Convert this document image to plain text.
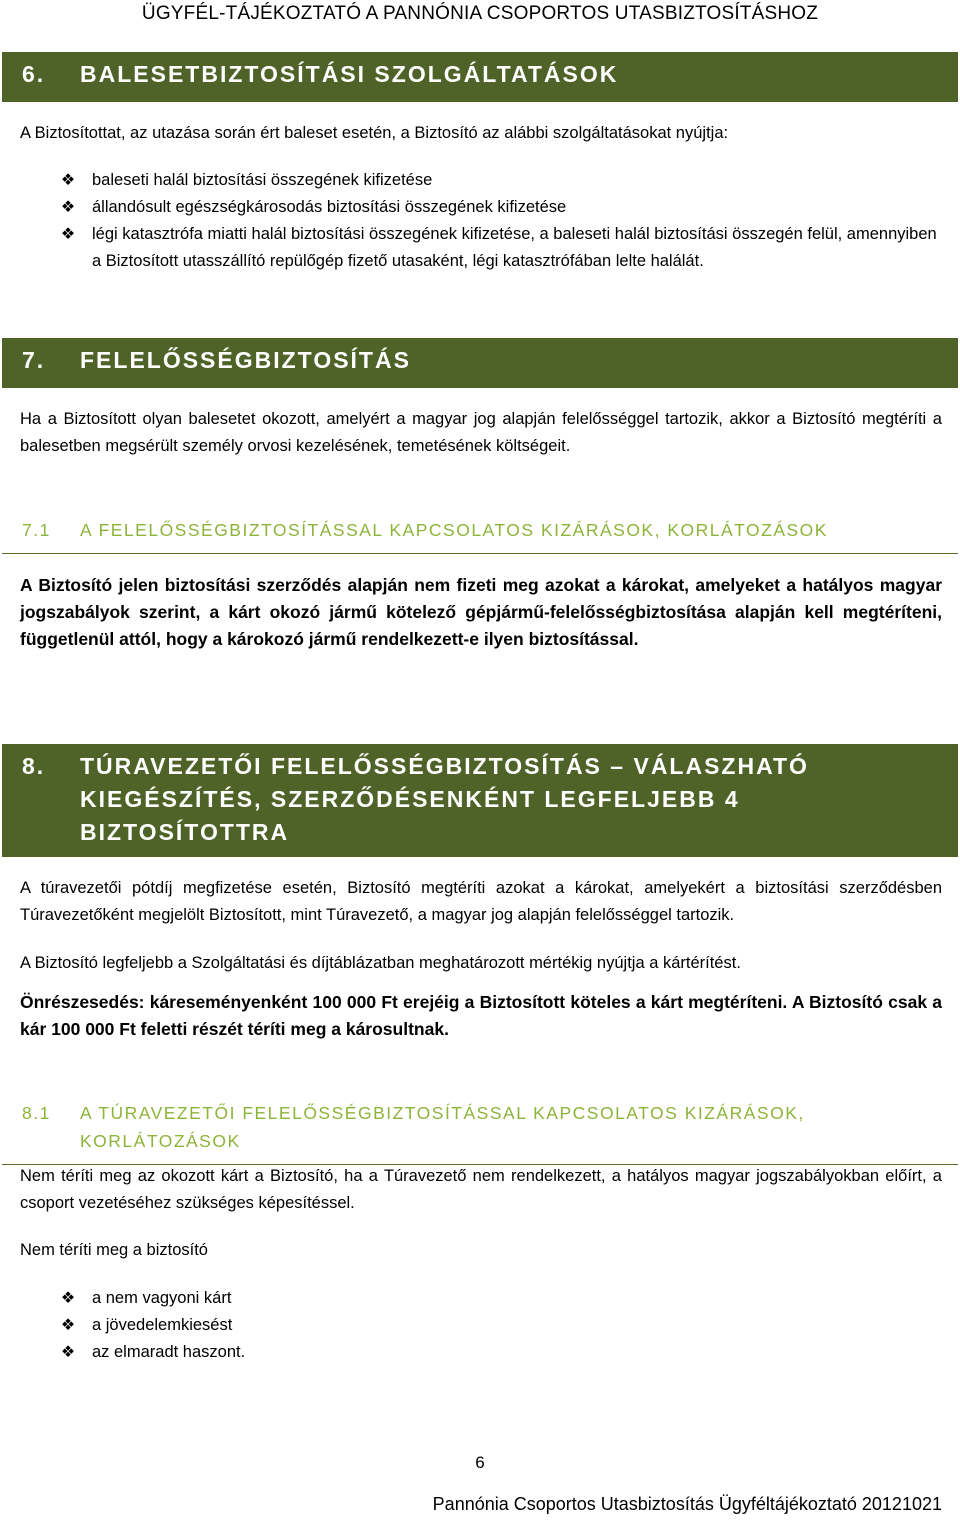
ÜGYFÉL-TÁJÉKOZTATÓ A PANNÓNIA CSOPORTOS UTASBIZTOSÍTÁSHOZ
6. BALESETBIZTOSÍTÁSI SZOLGÁLTATÁSOK
A Biztosítottat, az utazása során ért baleset esetén, a Biztosító az alábbi szolgáltatásokat nyújtja:
❖ baleseti halál biztosítási összegének kifizetése
❖ állandósult egészségkárosodás biztosítási összegének kifizetése
❖ légi katasztrófa miatti halál biztosítási összegének kifizetése, a baleseti halál biztosítási összegén felül, amennyiben a Biztosított utasszállító repülőgép fizető utasaként, légi katasztrófában lelte halálát.
7. FELELŐSSÉGBIZTOSÍTÁS
Ha a Biztosított olyan balesetet okozott, amelyért a magyar jog alapján felelősséggel tartozik, akkor a Biztosító megtéríti a balesetben megsérült személy orvosi kezelésének, temetésének költségeit.
7.1 A FELELŐSSÉGBIZTOSÍTÁSSAL KAPCSOLATOS KIZÁRÁSOK, KORLÁTOZÁSOK
A Biztosító jelen biztosítási szerződés alapján nem fizeti meg azokat a károkat, amelyeket a hatályos magyar jogszabályok szerint, a kárt okozó jármű kötelező gépjármű-felelősségbiztosítása alapján kell megtéríteni, függetlenül attól, hogy a károkozó jármű rendelkezett-e ilyen biztosítással.
8. TÚRAVEZETŐI FELELŐSSÉGBIZTOSÍTÁS – VÁLASZHATÓ KIEGÉSZÍTÉS, SZERZŐDÉSENKÉNT LEGFELJEBB 4 BIZTOSÍTOTTRA
A túravezetői pótdíj megfizetése esetén, Biztosító megtéríti azokat a károkat, amelyekért a biztosítási szerződésben Túravezetőként megjelölt Biztosított, mint Túravezető, a magyar jog alapján felelősséggel tartozik.
A Biztosító legfeljebb a Szolgáltatási és díjtáblázatban meghatározott mértékig nyújtja a kártérítést.
Önrészesedés: káreseményenként 100 000 Ft erejéig a Biztosított köteles a kárt megtéríteni. A Biztosító csak a kár 100 000 Ft feletti részét téríti meg a károsultnak.
8.1 A TÚRAVEZETŐI FELELŐSSÉGBIZTOSÍTÁSSAL KAPCSOLATOS KIZÁRÁSOK, KORLÁTOZÁSOK
Nem téríti meg az okozott kárt a Biztosító, ha a Túravezető nem rendelkezett, a hatályos magyar jogszabályokban előírt, a csoport vezetéséhez szükséges képesítéssel.
Nem téríti meg a biztosító
❖ a nem vagyoni kárt
❖ a jövedelemkiesést
❖ az elmaradt haszont.
6
Pannónia Csoportos Utasbiztosítás Ügyféltájékoztató 20121021
